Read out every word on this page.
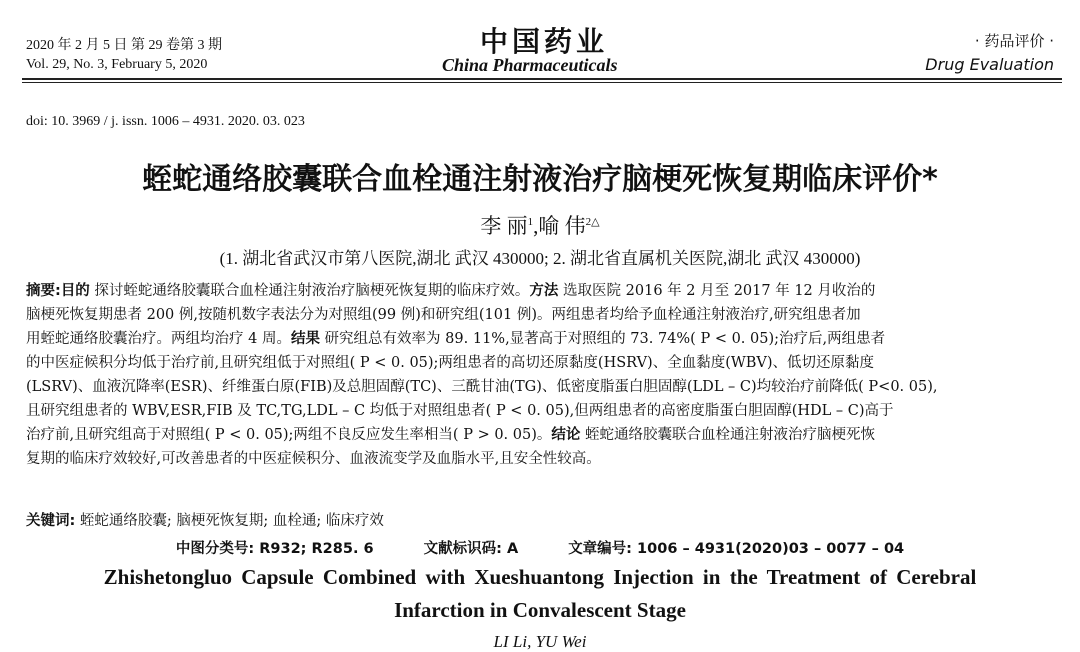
2020 年 2 月 5 日 第 29 卷第 3 期
Vol. 29, No. 3, February 5, 2020
中国药业
China Pharmaceuticals
· 药品评价 ·
Drug Evaluation
doi: 10. 3969 / j. issn. 1006 – 4931. 2020. 03. 023
蛭蛇通络胶囊联合血栓通注射液治疗脑梗死恢复期临床评价*
李 丽$^1$,喻 伟$^{2\triangle}$
(1. 湖北省武汉市第八医院,湖北 武汉 430000; 2. 湖北省直属机关医院,湖北 武汉 430000)
摘要:目的 探讨蛭蛇通络胶囊联合血栓通注射液治疗脑梗死恢复期的临床疗效。方法 选取医院 2016 年 2 月至 2017 年 12 月收治的
脑梗死恢复期患者 200 例,按随机数字表法分为对照组(99 例)和研究组(101 例)。两组患者均给予血栓通注射液治疗,研究组患者加
用蛭蛇通络胶囊治疗。两组均治疗 4 周。结果 研究组总有效率为 89. 11%,显著高于对照组的 73. 74%( P < 0. 05);治疗后,两组患者
的中医症候积分均低于治疗前,且研究组低于对照组( P < 0. 05);两组患者的高切还原黏度(HSRV)、全血黏度(WBV)、低切还原黏度
(LSRV)、血液沉降率(ESR)、纤维蛋白原(FIB)及总胆固醇(TC)、三酰甘油(TG)、低密度脂蛋白胆固醇(LDL – C)均较治疗前降低( P<0. 05),
且研究组患者的 WBV,ESR,FIB 及 TC,TG,LDL – C 均低于对照组患者( P < 0. 05),但两组患者的高密度脂蛋白胆固醇(HDL – C)高于
治疗前,且研究组高于对照组( P < 0. 05);两组不良反应发生率相当( P > 0. 05)。结论 蛭蛇通络胶囊联合血栓通注射液治疗脑梗死恢
复期的临床疗效较好,可改善患者的中医症候积分、血液流变学及血脂水平,且安全性较高。
关键词: 蛭蛇通络胶囊; 脑梗死恢复期; 血栓通; 临床疗效
中图分类号: R932; R285. 6	文献标识码: A	文章编号: 1006 – 4931(2020)03 – 0077 – 04
Zhishetongluo Capsule Combined with Xueshuantong Injection in the Treatment of Cerebral
Infarction in Convalescent Stage
LI Li, YU Wei
